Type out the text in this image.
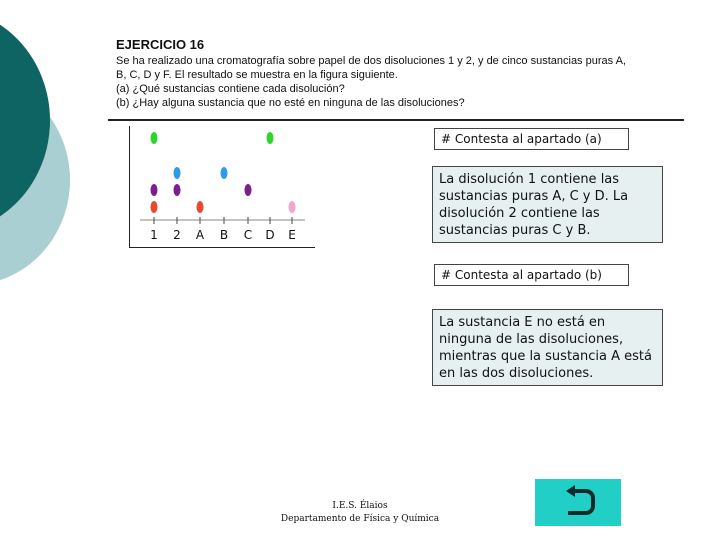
EJERCICIO 16
Se ha realizado una cromatografía sobre papel de dos disoluciones 1 y 2, y de cinco sustancias puras A,
B, C, D y F. El resultado se muestra en la figura siguiente.
(a) ¿Qué sustancias contiene cada disolución?
(b) ¿Hay alguna sustancia que no esté en ninguna de las disoluciones?
1 2 A B C D E
# Contesta al apartado (a)
La disolución 1 contiene las sustancias puras A, C y D. La disolución 2 contiene las sustancias puras C y B.
# Contesta al apartado (b)
La sustancia E no está en ninguna de las disoluciones, mientras que la sustancia A está en las dos disoluciones.
I.E.S. Élaios
Departamento de Física y Química
